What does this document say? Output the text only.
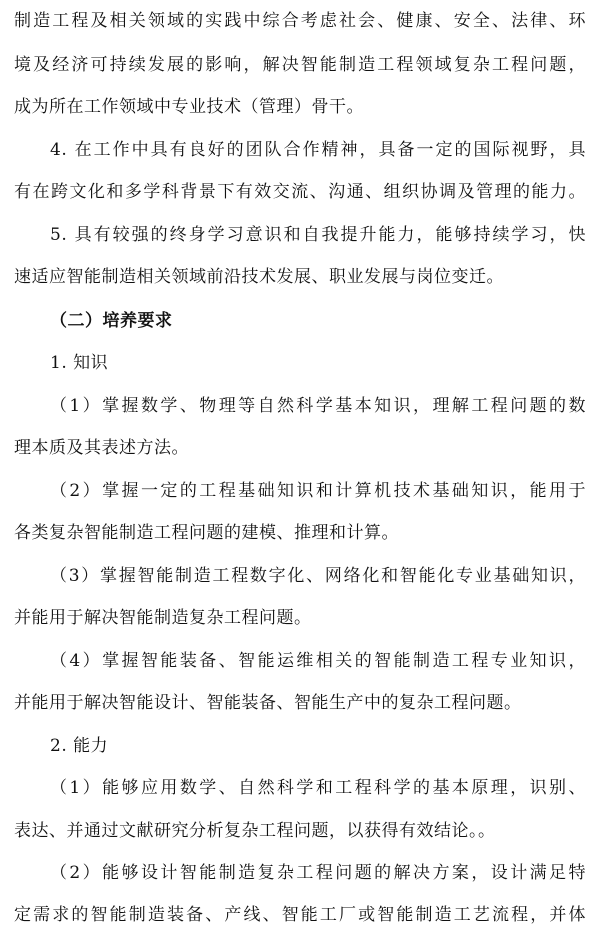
制造工程及相关领域的实践中综合考虑社会、健康、安全、法律、环
境及经济可持续发展的影响，解决智能制造工程领域复杂工程问题，
成为所在工作领域中专业技术（管理）骨干。
4. 在工作中具有良好的团队合作精神，具备一定的国际视野，具
有在跨文化和多学科背景下有效交流、沟通、组织协调及管理的能力。
5. 具有较强的终身学习意识和自我提升能力，能够持续学习，快
速适应智能制造相关领域前沿技术发展、职业发展与岗位变迁。
（二）培养要求
1. 知识
（1）掌握数学、物理等自然科学基本知识，理解工程问题的数
理本质及其表述方法。
（2）掌握一定的工程基础知识和计算机技术基础知识，能用于
各类复杂智能制造工程问题的建模、推理和计算。
（3）掌握智能制造工程数字化、网络化和智能化专业基础知识，
并能用于解决智能制造复杂工程问题。
（4）掌握智能装备、智能运维相关的智能制造工程专业知识，
并能用于解决智能设计、智能装备、智能生产中的复杂工程问题。
2. 能力
（1）能够应用数学、自然科学和工程科学的基本原理，识别、
表达、并通过文献研究分析复杂工程问题，以获得有效结论。。
（2）能够设计智能制造复杂工程问题的解决方案，设计满足特
定需求的智能制造装备、产线、智能工厂或智能制造工艺流程，并体
